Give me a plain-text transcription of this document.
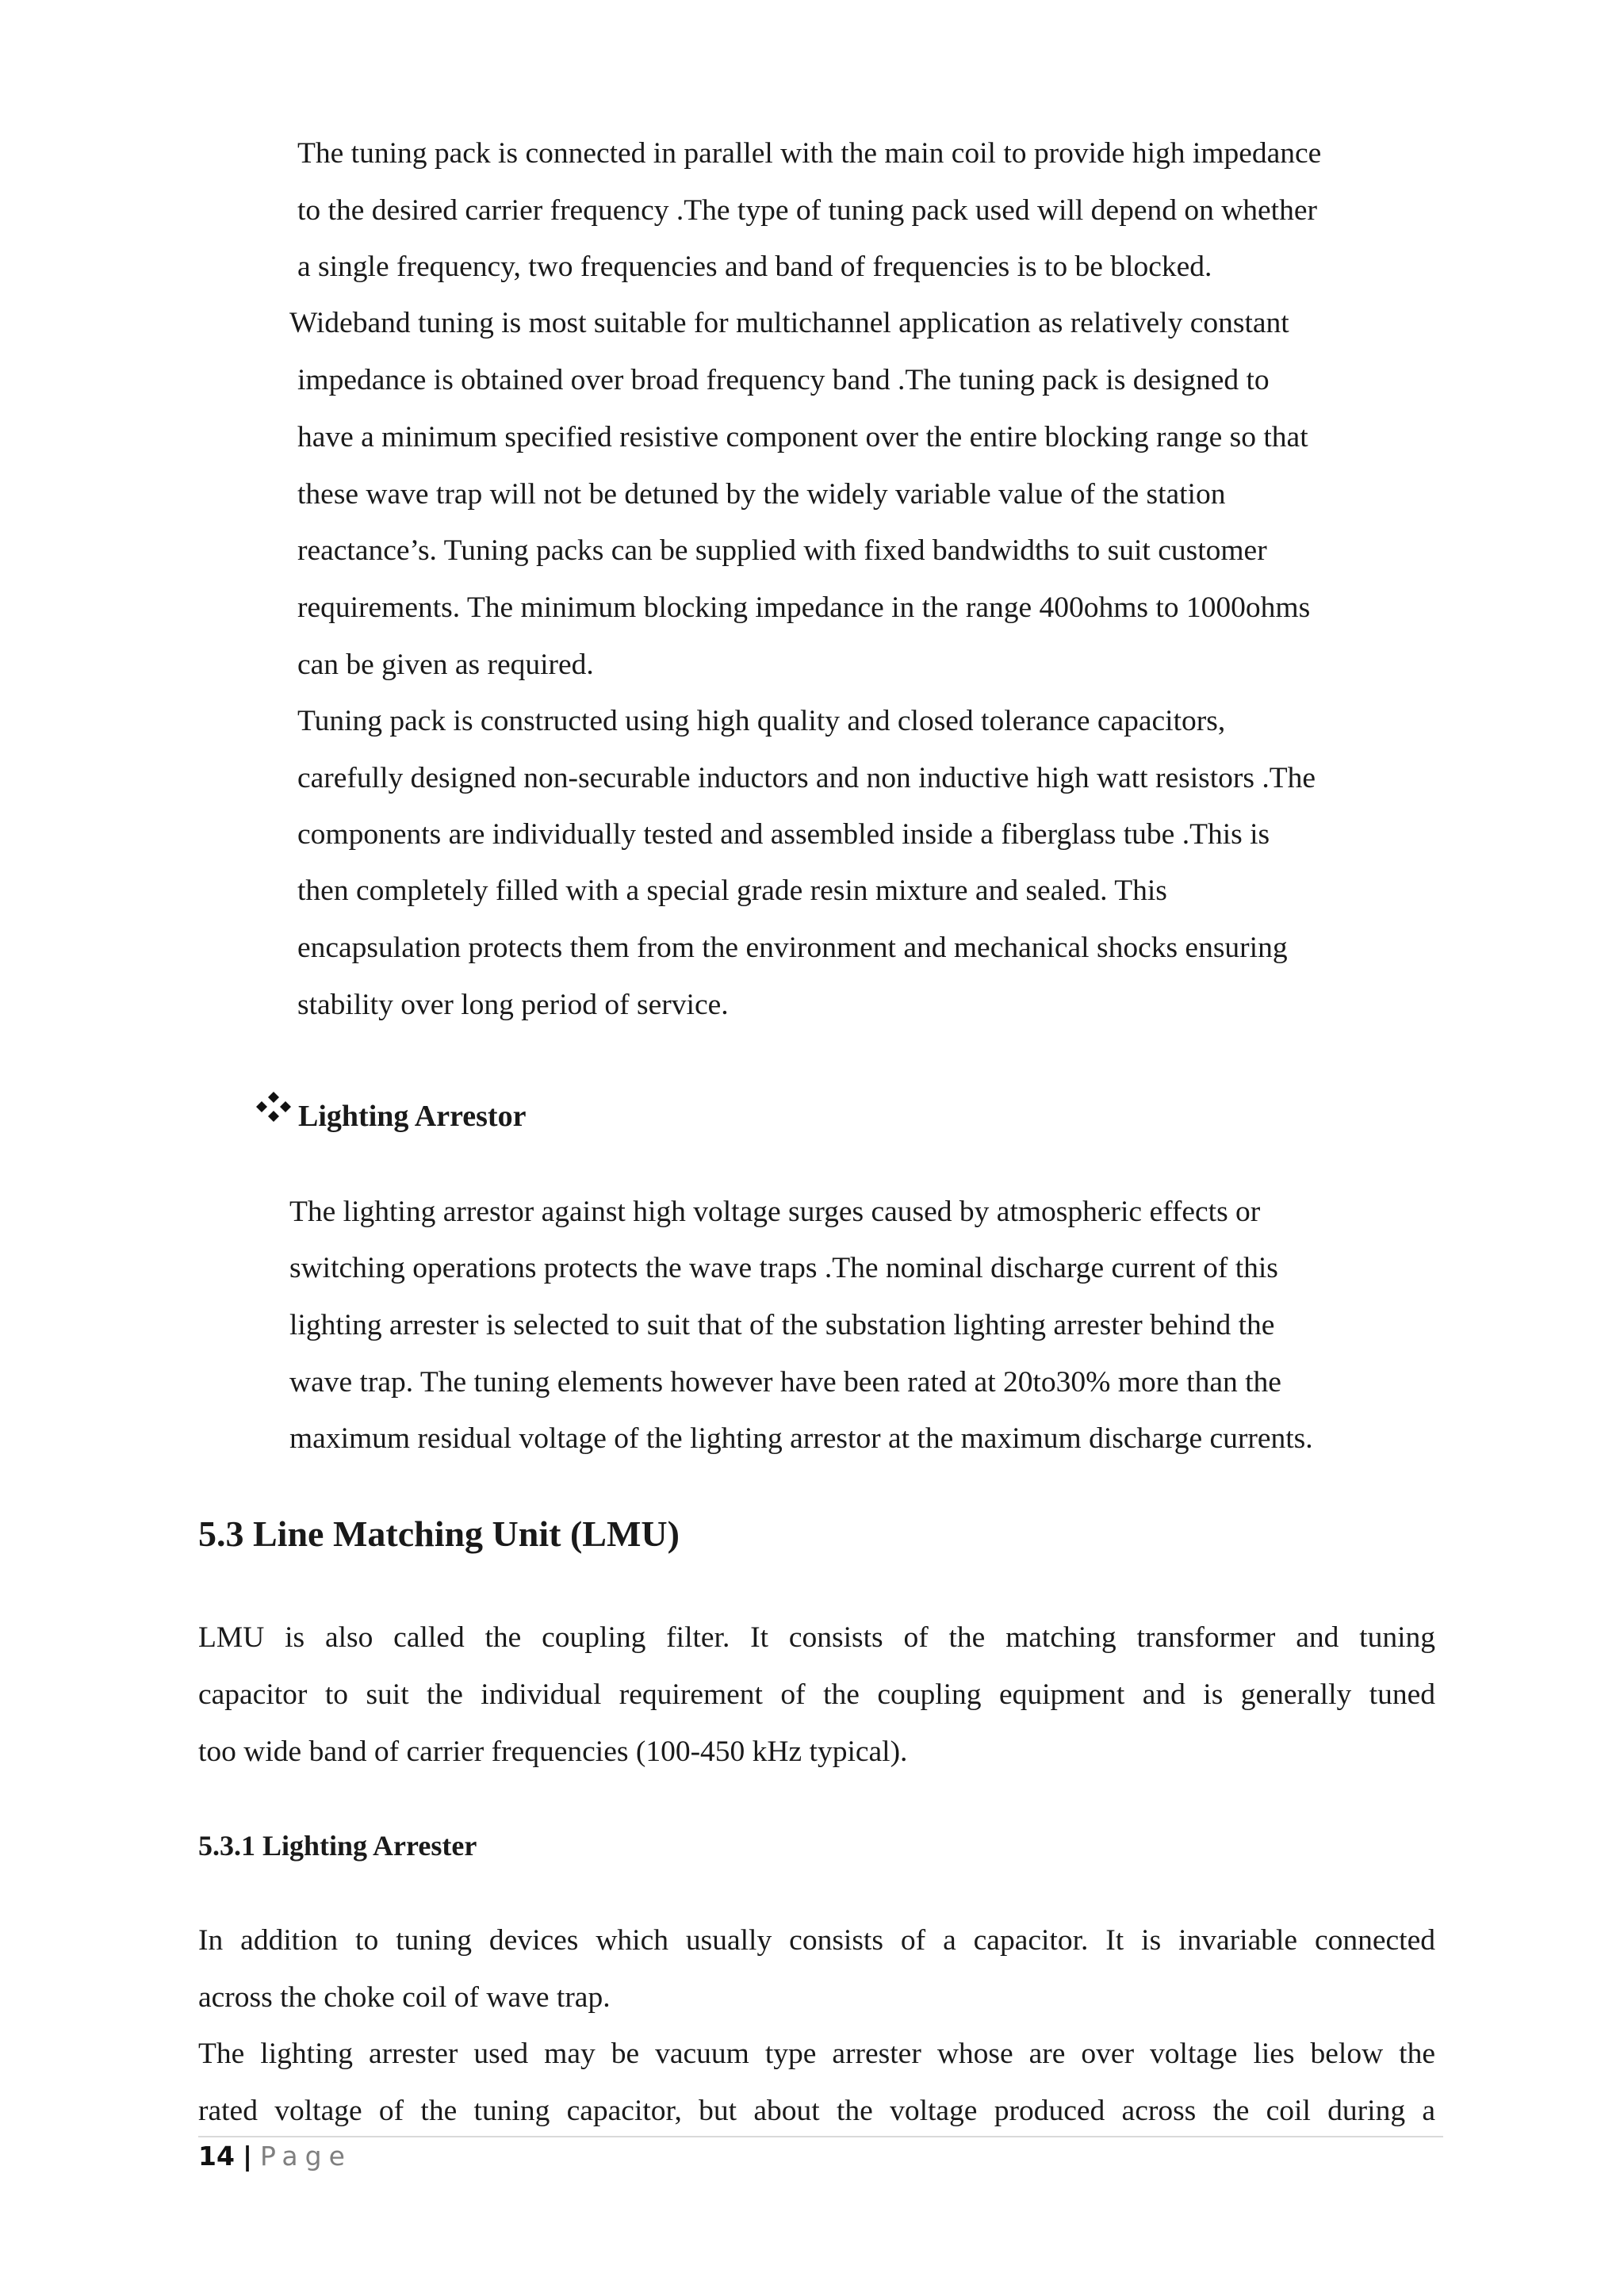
The tuning pack is connected in parallel with the main coil to provide high impedance
to the desired carrier frequency .The type of tuning pack used will depend on whether
a single frequency, two frequencies and band of frequencies is to be blocked.
Wideband tuning is most suitable for multichannel application as relatively constant
impedance is obtained over broad frequency band .The tuning pack is designed to
have a minimum specified resistive component over the entire blocking range so that
these wave trap will not be detuned by the widely variable value of the station
reactance’s. Tuning packs can be supplied with fixed bandwidths to suit customer
requirements. The minimum blocking impedance in the range 400ohms to 1000ohms
can be given as required.
Tuning pack is constructed using high quality and closed tolerance capacitors,
carefully designed non-securable inductors and non inductive high watt resistors .The
components are individually tested and assembled inside a fiberglass tube .This is
then completely filled with a special grade resin mixture and sealed. This
encapsulation protects them from the environment and mechanical shocks ensuring
stability over long period of service.
Lighting Arrestor
The lighting arrestor against high voltage surges caused by atmospheric effects or
switching operations protects the wave traps .The nominal discharge current of this
lighting arrester is selected to suit that of the substation lighting arrester behind the
wave trap. The tuning elements however have been rated at 20to30% more than the
maximum residual voltage of the lighting arrestor at the maximum discharge currents.
5.3 Line Matching Unit (LMU)
LMU is also called the coupling filter. It consists of the matching transformer and tuning
capacitor to suit the individual requirement of the coupling equipment and is generally tuned
too wide band of carrier frequencies (100-450 kHz typical).
5.3.1 Lighting Arrester
In addition to tuning devices which usually consists of a capacitor. It is invariable connected
across the choke coil of wave trap.
The lighting arrester used may be vacuum type arrester whose are over voltage lies below the
rated voltage of the tuning capacitor, but about the voltage produced across the coil during a
14 | Page
